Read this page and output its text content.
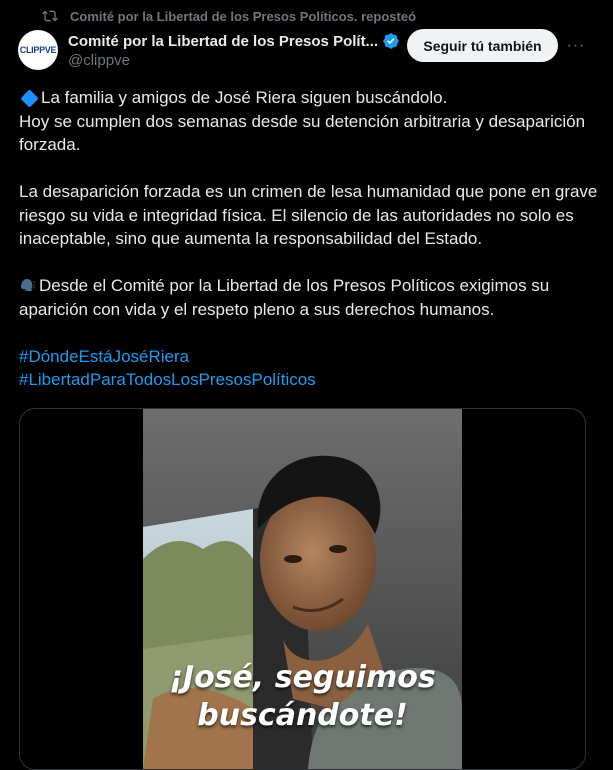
Comité por la Libertad de los Presos Políticos. reposteó
CLIPPVE
Comité por la Libertad de los Presos Polít...
@clippve
Seguir tú también	···

La familia y amigos de José Riera siguen buscándolo.

Hoy se cumplen dos semanas desde su detención arbitraria y desaparición forzada.

La desaparición forzada es un crimen de lesa humanidad que pone en grave riesgo su vida e integridad física. El silencio de las autoridades no solo es inaceptable, sino que aumenta la responsabilidad del Estado.

Desde el Comité por la Libertad de los Presos Políticos exigimos su aparición con vida y el respeto pleno a sus derechos humanos.

#DóndeEstáJoséRiera

#LibertadParaTodosLosPresosPolíticos

¡José, seguimos
buscándote!
